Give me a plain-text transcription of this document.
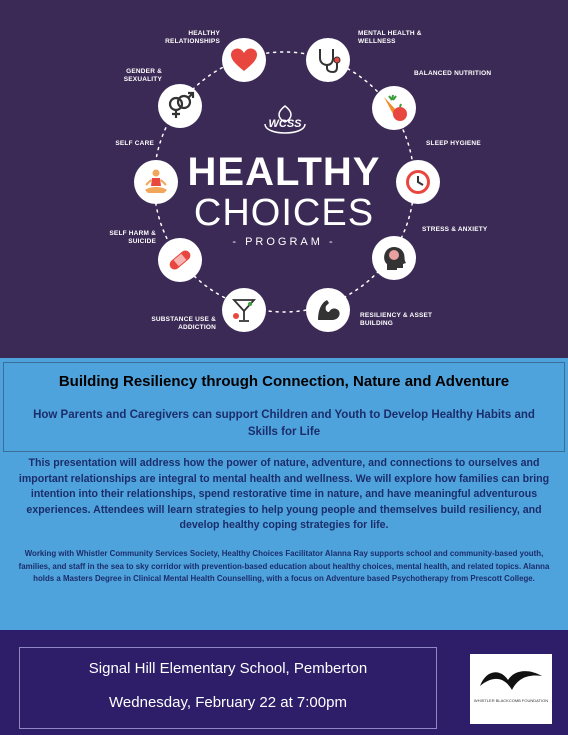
HEALTHY RELATIONSHIPS
MENTAL HEALTH & WELLNESS
BALANCED NUTRITION
SLEEP HYGIENE
STRESS & ANXIETY
RESILIENCY & ASSET BUILDING
SUBSTANCE USE & ADDICTION
SELF HARM & SUICIDE
SELF CARE
GENDER & SEXUALITY
WCSS
HEALTHY
CHOICES
- PROGRAM -
Building Resiliency through Connection, Nature and Adventure
How Parents and Caregivers can support Children and Youth to Develop Healthy Habits and Skills for Life
This presentation will address how the power of nature, adventure, and connections to ourselves and important relationships are integral to mental health and wellness. We will explore how families can bring intention into their relationships, spend restorative time in nature, and have meaningful adventurous experiences. Attendees will learn strategies to help young people and themselves build resiliency, and develop healthy coping strategies for life.
Working with Whistler Community Services Society, Healthy Choices Facilitator Alanna Ray supports school and community-based youth, families, and staff in the sea to sky corridor with prevention-based education about healthy choices, mental health, and related topics. Alanna holds a Masters Degree in Clinical Mental Health Counselling, with a focus on Adventure based Psychotherapy from Prescott College.
Signal Hill Elementary School, Pemberton
Wednesday, February 22 at 7:00pm	WHISTLER BLACKCOMB FOUNDATION
